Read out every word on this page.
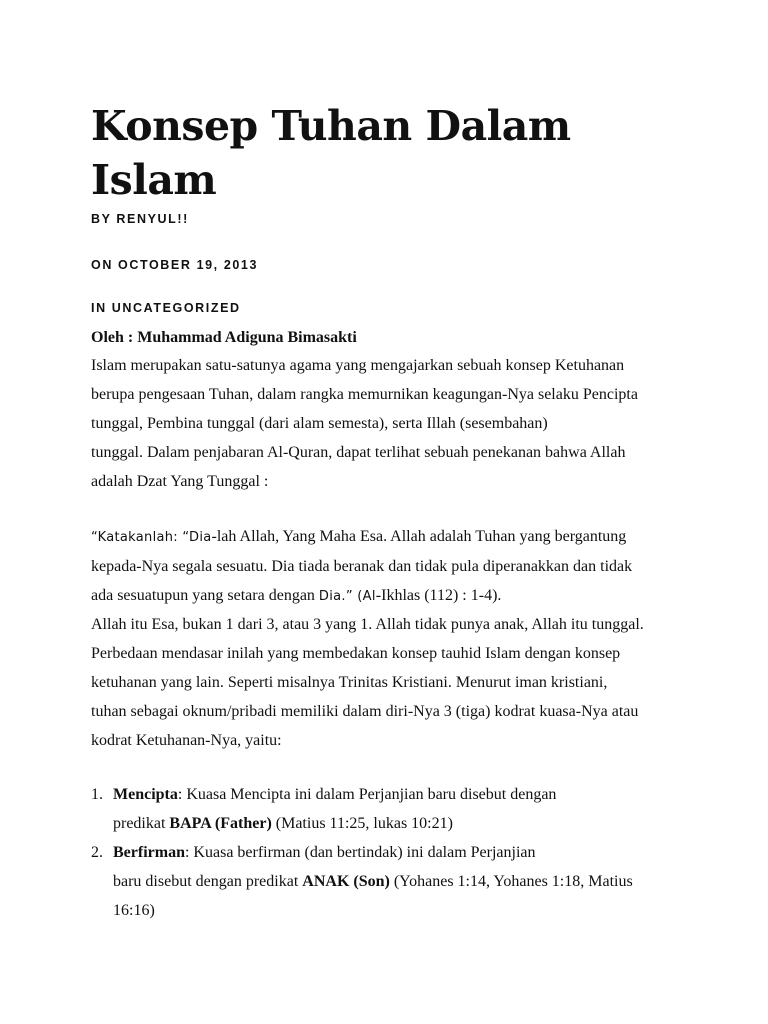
Konsep Tuhan Dalam Islam

BY RENYUL!!

ON OCTOBER 19, 2013

IN UNCATEGORIZED

Oleh : Muhammad Adiguna Bimasakti
Islam merupakan satu-satunya agama yang mengajarkan sebuah konsep Ketuhanan
berupa pengesaan Tuhan, dalam rangka memurnikan keagungan-Nya selaku Pencipta
tunggal, Pembina tunggal (dari alam semesta), serta Illah (sesembahan)
tunggal. Dalam penjabaran Al-Quran, dapat terlihat sebuah penekanan bahwa Allah
adalah Dzat Yang Tunggal :
“Katakanlah: “Dia-lah Allah, Yang Maha Esa. Allah adalah Tuhan yang bergantung
kepada-Nya segala sesuatu. Dia tiada beranak dan tidak pula diperanakkan dan tidak
ada sesuatupun yang setara dengan Dia.” (Al-Ikhlas (112) : 1-4).
Allah itu Esa, bukan 1 dari 3, atau 3 yang 1. Allah tidak punya anak, Allah itu tunggal.
Perbedaan mendasar inilah yang membedakan konsep tauhid Islam dengan konsep
ketuhanan yang lain. Seperti misalnya Trinitas Kristiani. Menurut iman kristiani,
tuhan sebagai oknum/pribadi memiliki dalam diri-Nya 3 (tiga) kodrat kuasa-Nya atau
kodrat Ketuhanan-Nya, yaitu:
1. Mencipta: Kuasa Mencipta ini dalam Perjanjian baru disebut dengan
predikat BAPA (Father) (Matius 11:25, lukas 10:21)
2. Berfirman: Kuasa berfirman (dan bertindak) ini dalam Perjanjian
baru disebut dengan predikat ANAK (Son) (Yohanes 1:14, Yohanes 1:18, Matius
16:16)
